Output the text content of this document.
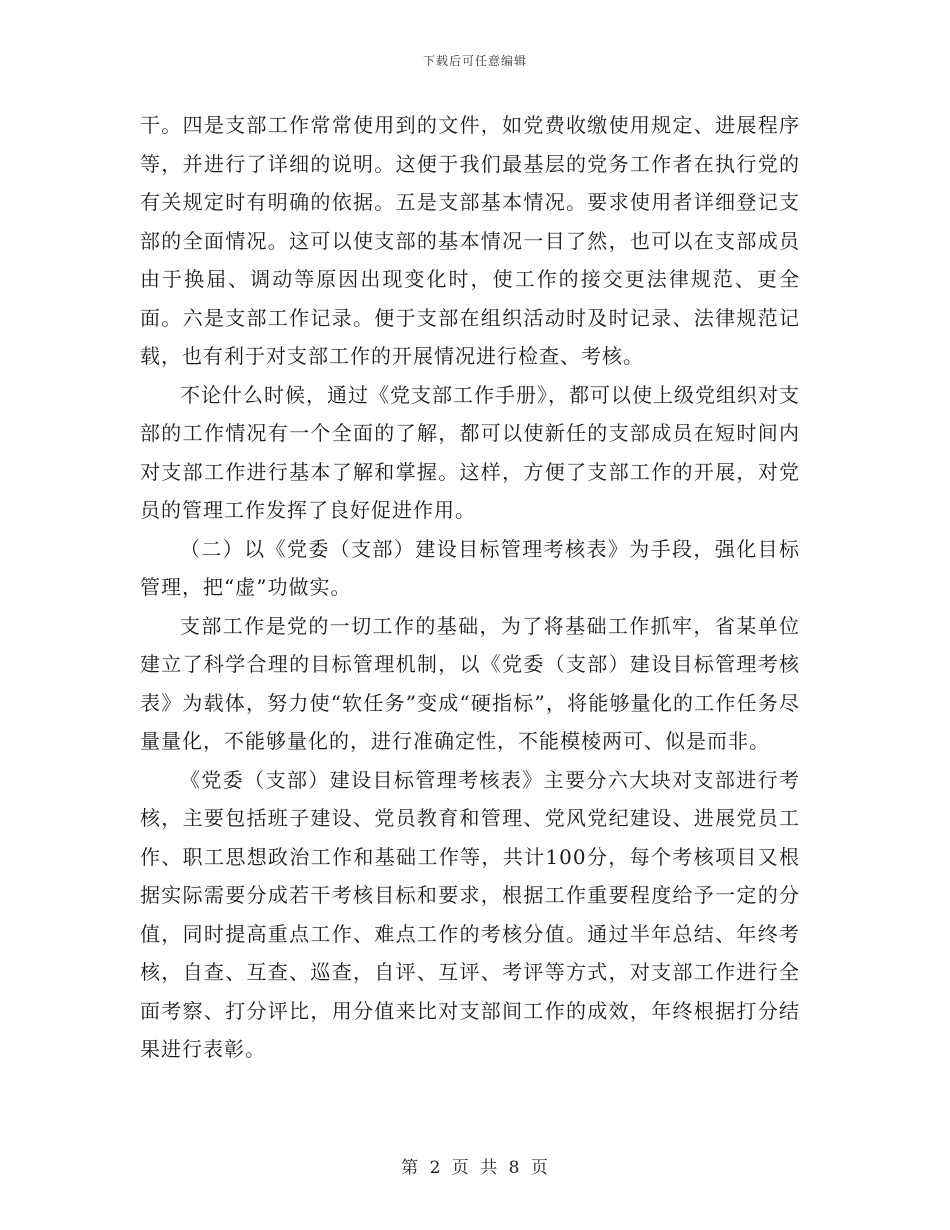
下载后可任意编辑

干。四是支部工作常常使用到的文件，如党费收缴使用规定、进展程序等，并进行了详细的说明。这便于我们最基层的党务工作者在执行党的有关规定时有明确的依据。五是支部基本情况。要求使用者详细登记支部的全面情况。这可以使支部的基本情况一目了然，也可以在支部成员由于换届、调动等原因出现变化时，使工作的接交更法律规范、更全面。六是支部工作记录。便于支部在组织活动时及时记录、法律规范记载，也有利于对支部工作的开展情况进行检查、考核。

不论什么时候，通过《党支部工作手册》，都可以使上级党组织对支部的工作情况有一个全面的了解，都可以使新任的支部成员在短时间内对支部工作进行基本了解和掌握。这样，方便了支部工作的开展，对党员的管理工作发挥了良好促进作用。

（二）以《党委（支部）建设目标管理考核表》为手段，强化目标管理，把“虚”功做实。

支部工作是党的一切工作的基础，为了将基础工作抓牢，省某单位建立了科学合理的目标管理机制，以《党委（支部）建设目标管理考核表》为载体，努力使“软任务”变成“硬指标”，将能够量化的工作任务尽量量化，不能够量化的，进行准确定性，不能模棱两可、似是而非。

《党委（支部）建设目标管理考核表》主要分六大块对支部进行考核，主要包括班子建设、党员教育和管理、党风党纪建设、进展党员工作、职工思想政治工作和基础工作等，共计100分，每个考核项目又根据实际需要分成若干考核目标和要求，根据工作重要程度给予一定的分值，同时提高重点工作、难点工作的考核分值。通过半年总结、年终考核，自查、互查、巡查，自评、互评、考评等方式，对支部工作进行全面考察、打分评比，用分值来比对支部间工作的成效，年终根据打分结果进行表彰。

第 2 页 共 8 页
